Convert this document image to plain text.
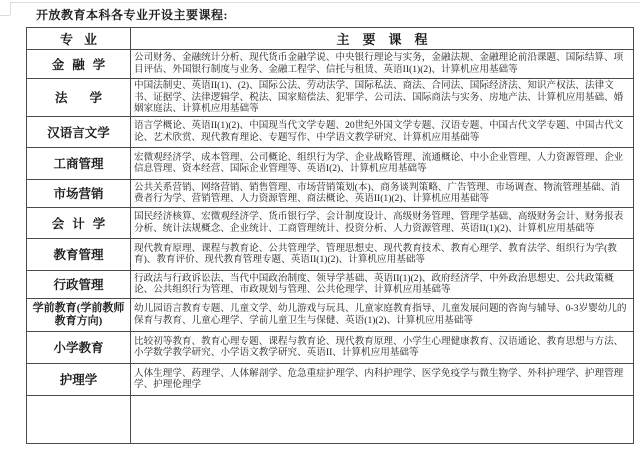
开放教育本科各专业开设主要课程:
专业	主要课程
金融学	公司财务、金融统计分析、现代货币金融学说、中央银行理论与实务，金融法规、金融理论前沿课题、国际结算、项目评估、外国银行制度与业务、金融工程学、信托与租赁、英语II(1)(2)、计算机应用基础等
法学	中国法制史、英语II(1)、(2)、国际公法、劳动法学、国际私法、商法、合同法、国际经济法、知识产权法、法律文书、证据学、法律逻辑学、税法、国家赔偿法、犯罪学、公司法、国际商法与实务、房地产法、计算机应用基础、婚姻家庭法、计算机应用基础等
汉语言文学	语言学概论、英语II(1)(2)、中国现当代文学专题、20世纪外国文学专题、汉语专题、中国古代文学专题、中国古代文论、艺术欣赏、现代教育理论、专题写作、中学语文教学研究、计算机应用基础等
工商管理	宏微观经济学、成本管理、公司概论、组织行为学、企业战略管理、流通概论、中小企业管理、人力资源管理、企业信息管理、资本经营、国际企业管理等、英语I(2)、计算机应用基础等
市场营销	公共关系营销、网络营销、销售管理、市场营销策划(本)、商务谈判策略、广告管理、市场调查、物流管理基础、消费者行为学、营销管理、人力资源管理、商法概论、英语II(1)(2)、计算机应用基础等
会计学	国民经济核算、宏微观经济学、货币银行学、会计制度设计、高级财务管理、管理学基础、高级财务会计、财务报表分析、统计法规概念、企业统计、工商管理统计、投资分析、人力资源管理、英语II(1)(2)、计算机应用基础等
教育管理	现代教育原理、课程与教育论、公共管理学、管理思想史、现代教育技术、教育心理学、教育法学、组织行为学(教育)、教育评价、现代教育管理专题、英语II(1)(2)、计算机应用基础等
行政管理	行政法与行政诉讼法、当代中国政治制度、领导学基础、英语II(1)(2)、政府经济学、中外政治思想史、公共政策概论、公共组织行为管理、市政规划与管理、公共伦理学、计算机应用基础等
学前教育(学前教师教育方向)	幼儿园语言教育专题、儿童文学、幼儿游戏与玩具、儿童家庭教育指导、儿童发展问题的咨询与辅导、0-3岁婴幼儿的保育与教育、儿童心理学、学前儿童卫生与保健、英语(1)(2)、计算机应用基础等
小学教育	比较初等教育、教育心理专题、课程与教育论、现代教育原理、小学生心理健康教育、汉语通论、教育思想与方法、小学数学教学研究、小学语文教学研究、英语II、计算机应用基础等
护理学	人体生理学、药理学、人体解剖学、危急重症护理学、内科护理学、医学免疫学与微生物学、外科护理学、护理管理学、护理伦理学
